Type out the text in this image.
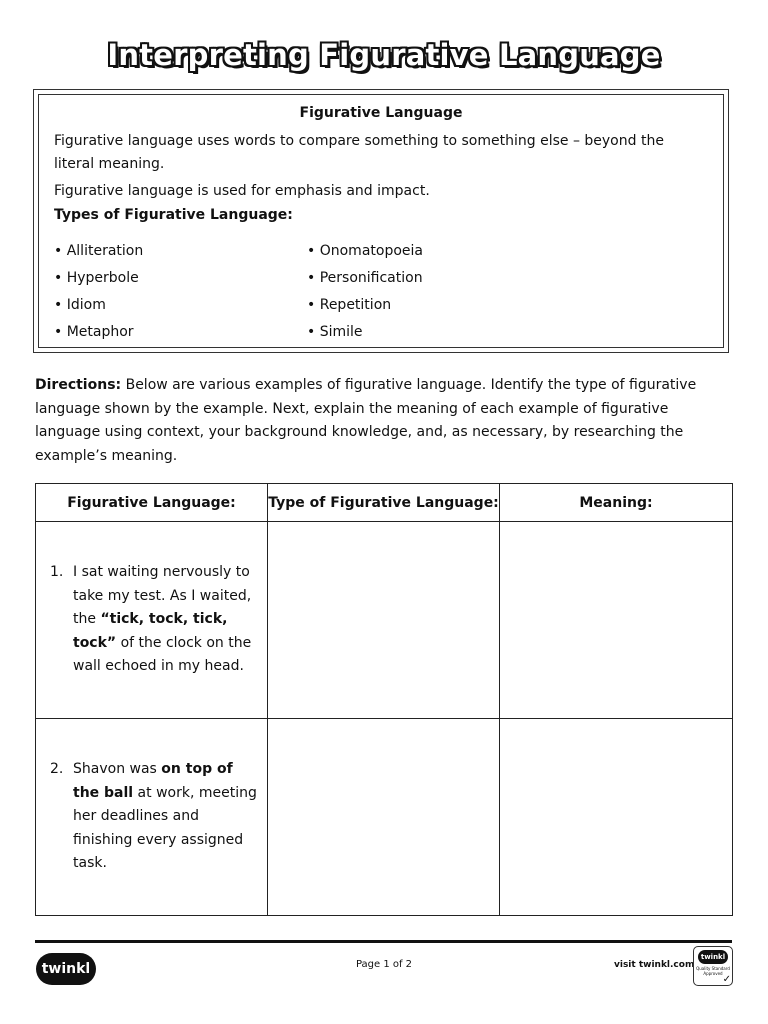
Interpreting Figurative Language
Figurative Language
Figurative language uses words to compare something to something else – beyond the literal meaning.
Figurative language is used for emphasis and impact.
Types of Figurative Language:
• Alliteration
• Hyperbole
• Idiom
• Metaphor
• Onomatopoeia
• Personification
• Repetition
• Simile
Directions: Below are various examples of figurative language. Identify the type of figurative language shown by the example. Next, explain the meaning of each example of figurative language using context, your background knowledge, and, as necessary, by researching the example’s meaning.
Figurative Language:	Type of Figurative Language:	Meaning:

1. I sat waiting nervously to take my test. As I waited, the “tick, tock, tick, tock” of the clock on the wall echoed in my head.		

2. Shavon was on top of the ball at work, meeting her deadlines and finishing every assigned task.		

twinkl	Page 1 of 2	visit twinkl.com
twinkl
Quality Standard Approved
✓
